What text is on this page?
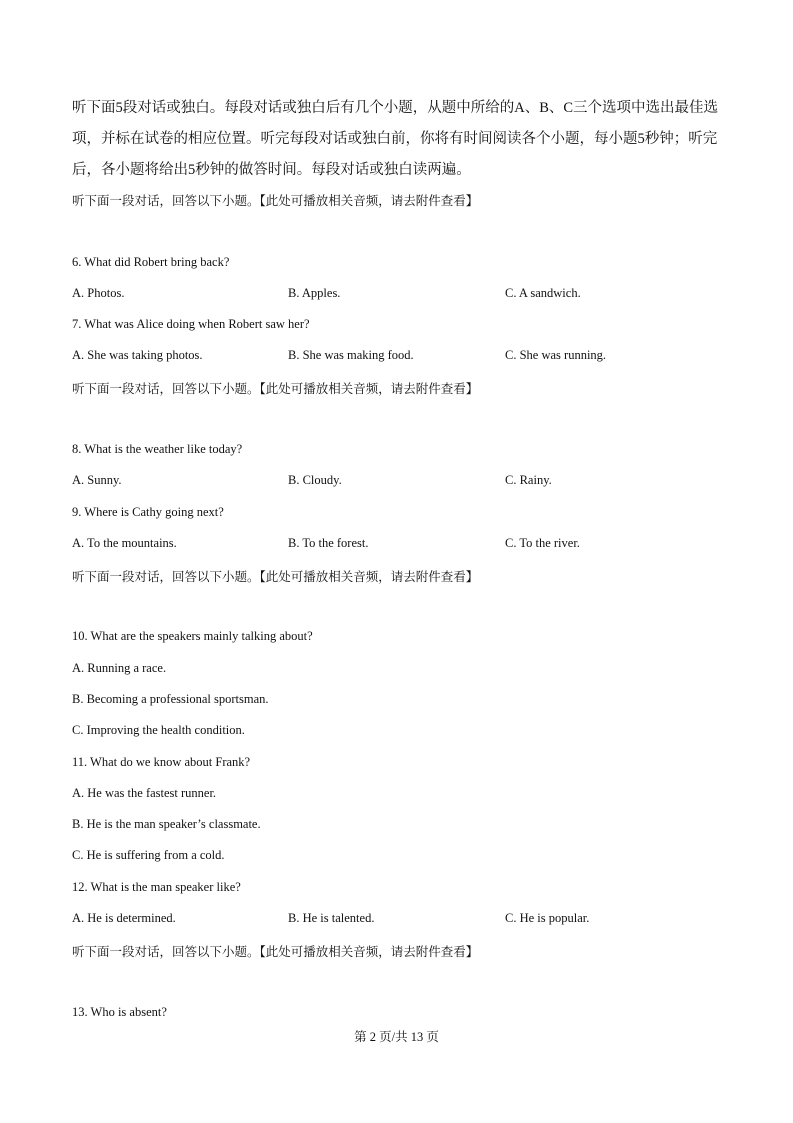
听下面5段对话或独白。每段对话或独白后有几个小题，从题中所给的A、B、C三个选项中选出最佳选项，并标在试卷的相应位置。听完每段对话或独白前，你将有时间阅读各个小题，每小题5秒钟；听完后，各小题将给出5秒钟的做答时间。每段对话或独白读两遍。
听下面一段对话，回答以下小题。【此处可播放相关音频，请去附件查看】
6. What did Robert bring back?
A. Photos.	B. Apples.	C. A sandwich.
7. What was Alice doing when Robert saw her?
A. She was taking photos.	B. She was making food.	C. She was running.
听下面一段对话，回答以下小题。【此处可播放相关音频，请去附件查看】
8. What is the weather like today?
A. Sunny.	B. Cloudy.	C. Rainy.
9. Where is Cathy going next?
A. To the mountains.	B. To the forest.	C. To the river.
听下面一段对话，回答以下小题。【此处可播放相关音频，请去附件查看】
10. What are the speakers mainly talking about?
A. Running a race.
B. Becoming a professional sportsman.
C. Improving the health condition.
11. What do we know about Frank?
A. He was the fastest runner.
B. He is the man speaker’s classmate.
C. He is suffering from a cold.
12. What is the man speaker like?
A. He is determined.	B. He is talented.	C. He is popular.
听下面一段对话，回答以下小题。【此处可播放相关音频，请去附件查看】
13. Who is absent?
第 2 页/共 13 页
